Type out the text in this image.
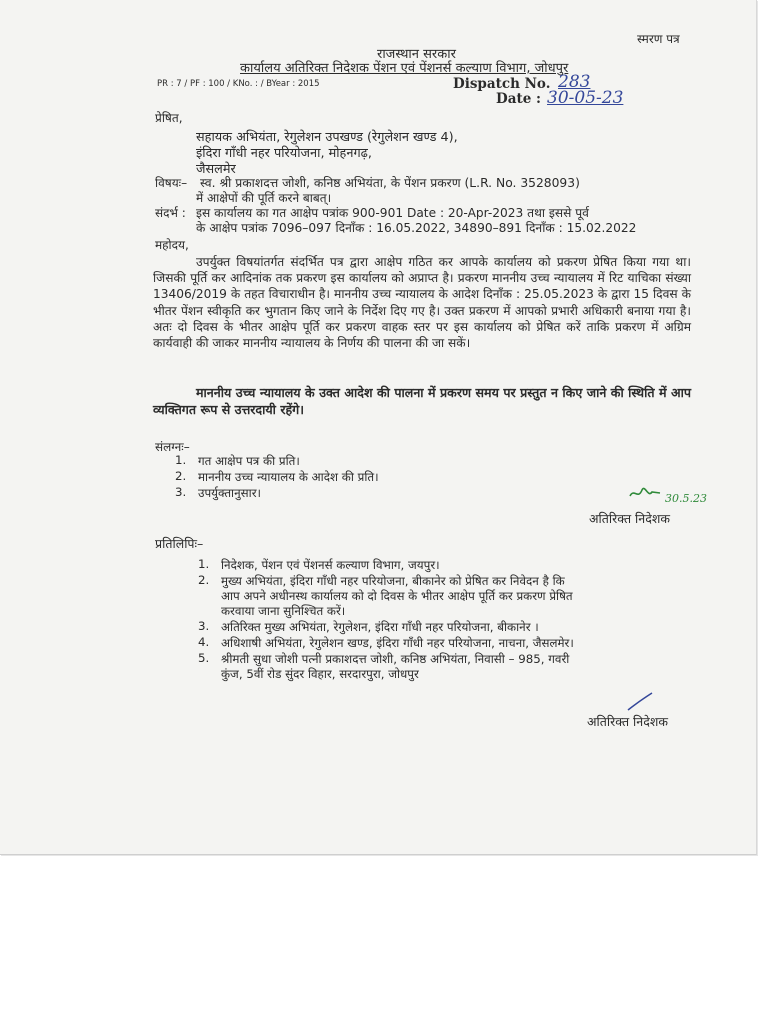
स्मरण पत्र
राजस्थान सरकार
कार्यालय अतिरिक्त निदेशक पेंशन एवं पेंशनर्स कल्याण विभाग, जोधपुर
PR : 7 / PF : 100 / KNo. : / BYear : 2015	Dispatch No. 283
Date : 30-05-23
प्रेषित,
सहायक अभियंता, रेगुलेशन उपखण्ड (रेगुलेशन खण्ड 4),
इंदिरा गाँधी नहर परियोजना, मोहनगढ़,
जैसलमेर
विषयः– स्व. श्री प्रकाशदत्त जोशी, कनिष्ठ अभियंता, के पेंशन प्रकरण (L.R. No. 3528093)
में आक्षेपों की पूर्ति करने बाबत्।
संदर्भ : इस कार्यालय का गत आक्षेप पत्रांक 900-901 Date : 20-Apr-2023 तथा इससे पूर्व
के आक्षेप पत्रांक 7096–097 दिनाँक : 16.05.2022, 34890–891 दिनाँक : 15.02.2022
महोदय,
उपर्युक्त विषयांतर्गत संदर्भित पत्र द्वारा आक्षेप गठित कर आपके कार्यालय को प्रकरण प्रेषित किया गया था। जिसकी पूर्ति कर आदिनांक तक प्रकरण इस कार्यालय को अप्राप्त है। प्रकरण माननीय उच्च न्यायालय में रिट याचिका संख्या 13406/2019 के तहत विचाराधीन है। माननीय उच्च न्यायालय के आदेश दिनाँक : 25.05.2023 के द्वारा 15 दिवस के भीतर पेंशन स्वीकृति कर भुगतान किए जाने के निर्देश दिए गए है। उक्त प्रकरण में आपको प्रभारी अधिकारी बनाया गया है। अतः दो दिवस के भीतर आक्षेप पूर्ति कर प्रकरण वाहक स्तर पर इस कार्यालय को प्रेषित करें ताकि प्रकरण में अग्रिम कार्यवाही की जाकर माननीय न्यायालय के निर्णय की पालना की जा सकें।
माननीय उच्च न्यायालय के उक्त आदेश की पालना में प्रकरण समय पर प्रस्तुत न किए जाने की स्थिति में आप व्यक्तिगत रूप से उत्तरदायी रहेंगे।
संलग्नः–
1. गत आक्षेप पत्र की प्रति।
2. माननीय उच्च न्यायालय के आदेश की प्रति।
3. उपर्युक्तानुसार।	30.5.23
अतिरिक्त निदेशक
प्रतिलिपिः–
1. निदेशक, पेंशन एवं पेंशनर्स कल्याण विभाग, जयपुर।
2. मुख्य अभियंता, इंदिरा गाँधी नहर परियोजना, बीकानेर को प्रेषित कर निवेदन है कि
आप अपने अधीनस्थ कार्यालय को दो दिवस के भीतर आक्षेप पूर्ति कर प्रकरण प्रेषित
करवाया जाना सुनिश्चित करें।
3. अतिरिक्त मुख्य अभियंता, रेगुलेशन, इंदिरा गाँधी नहर परियोजना, बीकानेर ।
4. अधिशाषी अभियंता, रेगुलेशन खण्ड, इंदिरा गाँधी नहर परियोजना, नाचना, जैसलमेर।
5. श्रीमती सुधा जोशी पत्नी प्रकाशदत्त जोशी, कनिष्ठ अभियंता, निवासी – 985, गवरी
कुंज, 5वीं रोड सुंदर विहार, सरदारपुरा, जोधपुर
अतिरिक्त निदेशक
